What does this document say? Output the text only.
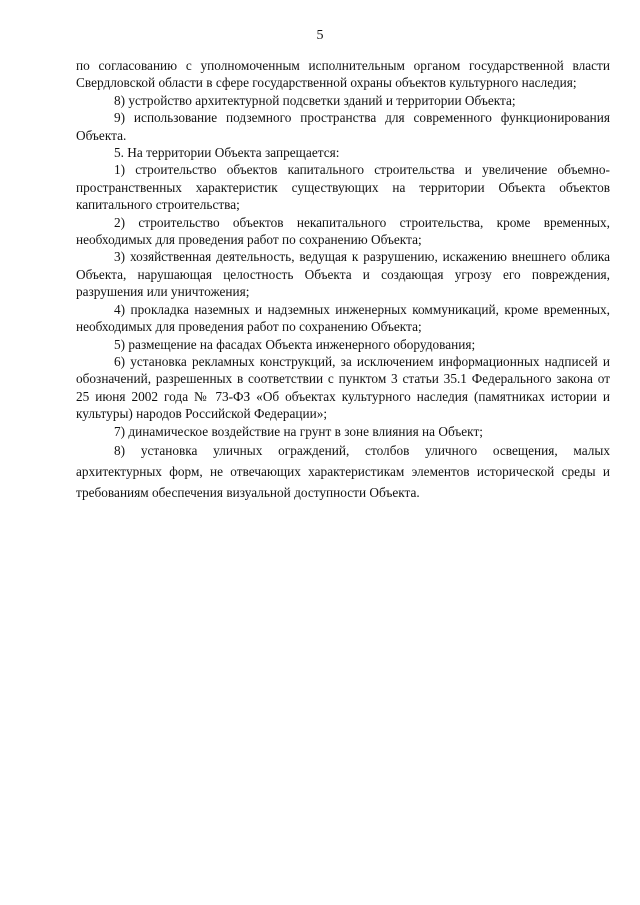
5

по согласованию с уполномоченным исполнительным органом государственной власти Свердловской области в сфере государственной охраны объектов культурного наследия;

8) устройство архитектурной подсветки зданий и территории Объекта;

9) использование подземного пространства для современного функционирования Объекта.

5. На территории Объекта запрещается:

1) строительство объектов капитального строительства и увеличение объемно-пространственных характеристик существующих на территории Объекта объектов капитального строительства;

2) строительство объектов некапитального строительства, кроме временных, необходимых для проведения работ по сохранению Объекта;

3) хозяйственная деятельность, ведущая к разрушению, искажению внешнего облика Объекта, нарушающая целостность Объекта и создающая угрозу его повреждения, разрушения или уничтожения;

4) прокладка наземных и надземных инженерных коммуникаций, кроме временных, необходимых для проведения работ по сохранению Объекта;

5) размещение на фасадах Объекта инженерного оборудования;

6) установка рекламных конструкций, за исключением информационных надписей и обозначений, разрешенных в соответствии с пунктом 3 статьи 35.1 Федерального закона от 25 июня 2002 года № 73-ФЗ «Об объектах культурного наследия (памятниках истории и культуры) народов Российской Федерации»;

7) динамическое воздействие на грунт в зоне влияния на Объект;

8) установка уличных ограждений, столбов уличного освещения, малых архитектурных форм, не отвечающих характеристикам элементов исторической среды и требованиям обеспечения визуальной доступности Объекта.
